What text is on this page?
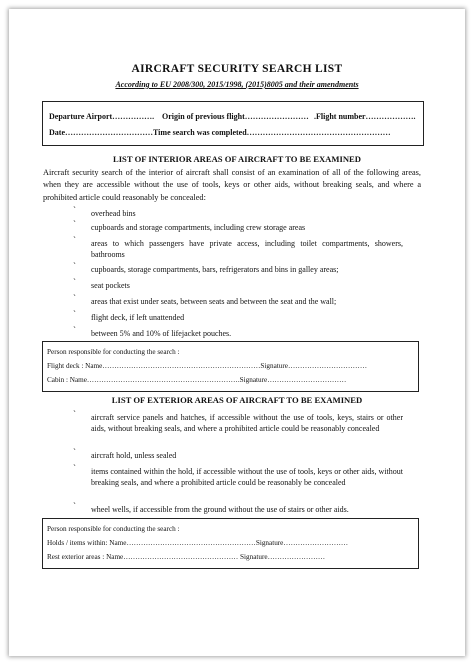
AIRCRAFT SECURITY SEARCH LIST
According to EU 2008/300, 2015/1998, (2015)8005 and their amendments
Departure Airport……………. Origin of previous flight…………………… .Flight number……………….
Date……………………………Time search was completed………………………………………………
LIST OF INTERIOR AREAS OF AIRCRAFT TO BE EXAMINED
Aircraft security search of the interior of aircraft shall consist of an examination of all of the following areas, when they are accessible without the use of tools, keys or other aids, without breaking seals, and where a prohibited article could reasonably be concealed:
` overhead bins
` cupboards and storage compartments, including crew storage areas
` areas to which passengers have private access, including toilet compartments, showers, bathrooms
` cupboards, storage compartments, bars, refrigerators and bins in galley areas;
` seat pockets
` areas that exist under seats, between seats and between the seat and the wall;
` flight deck, if left unattended
` between 5% and 10% of lifejacket pouches.
Person responsible for conducting the search :
Flight deck : Name…………………………………………………………Signature……………………………
Cabin : Name……………………………………………………….Signature……………………………
LIST OF EXTERIOR AREAS OF AIRCRAFT TO BE EXAMINED
` aircraft service panels and hatches, if accessible without the use of tools, keys, stairs or other aids, without breaking seals, and where a prohibited article could be reasonably concealed
` aircraft hold, unless sealed
` items contained within the hold, if accessible without the use of tools, keys or other aids, without breaking seals, and where a prohibited article could be reasonably be concealed
` wheel wells, if accessible from the ground without the use of stairs or other aids.
Person responsible for conducting the search :
Holds / items within: Name………………………………………………Signature………………………
Rest exterior areas : Name………………………………………… Signature……………………
